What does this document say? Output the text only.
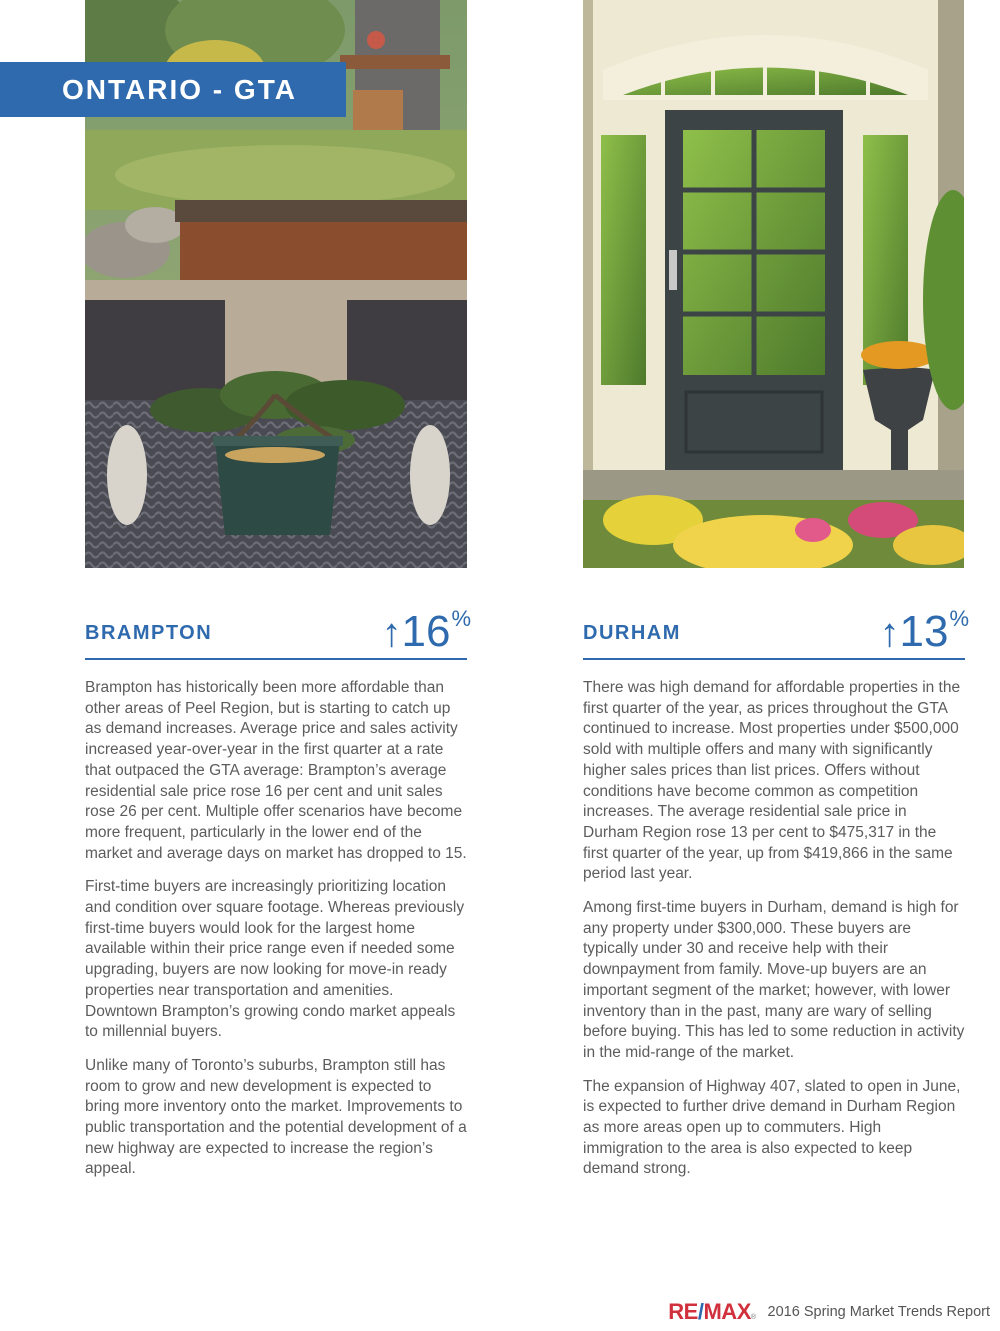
ONTARIO - GTA
BRAMPTON	↑16%

Brampton has historically been more affordable than other areas of Peel Region, but is starting to catch up as demand increases. Average price and sales activity increased year-over-year in the first quarter at a rate that outpaced the GTA average: Brampton’s average residential sale price rose 16 per cent and unit sales rose 26 per cent. Multiple offer scenarios have become more frequent, particularly in the lower end of the market and average days on market has dropped to 15.

First-time buyers are increasingly prioritizing location and condition over square footage. Whereas previously first-time buyers would look for the largest home available within their price range even if needed some upgrading, buyers are now looking for move-in ready properties near transportation and amenities. Downtown Brampton’s growing condo market appeals to millennial buyers.

Unlike many of Toronto’s suburbs, Brampton still has room to grow and new development is expected to bring more inventory onto the market. Improvements to public transportation and the potential development of a new highway are expected to increase the region’s appeal.

DURHAM	↑13%

There was high demand for affordable properties in the first quarter of the year, as prices throughout the GTA continued to increase. Most properties under $500,000 sold with multiple offers and many with significantly higher sales prices than list prices. Offers without conditions have become common as competition increases. The average residential sale price in Durham Region rose 13 per cent to $475,317 in the first quarter of the year, up from $419,866 in the same period last year.

Among first-time buyers in Durham, demand is high for any property under $300,000. These buyers are typically under 30 and receive help with their downpayment from family. Move-up buyers are an important segment of the market; however, with lower inventory than in the past, many are wary of selling before buying. This has led to some reduction in activity in the mid-range of the market.

The expansion of Highway 407, slated to open in June, is expected to further drive demand in Durham Region as more areas open up to commuters. High immigration to the area is also expected to keep demand strong.

RE / MAX ® 2016 Spring Market Trends Report
